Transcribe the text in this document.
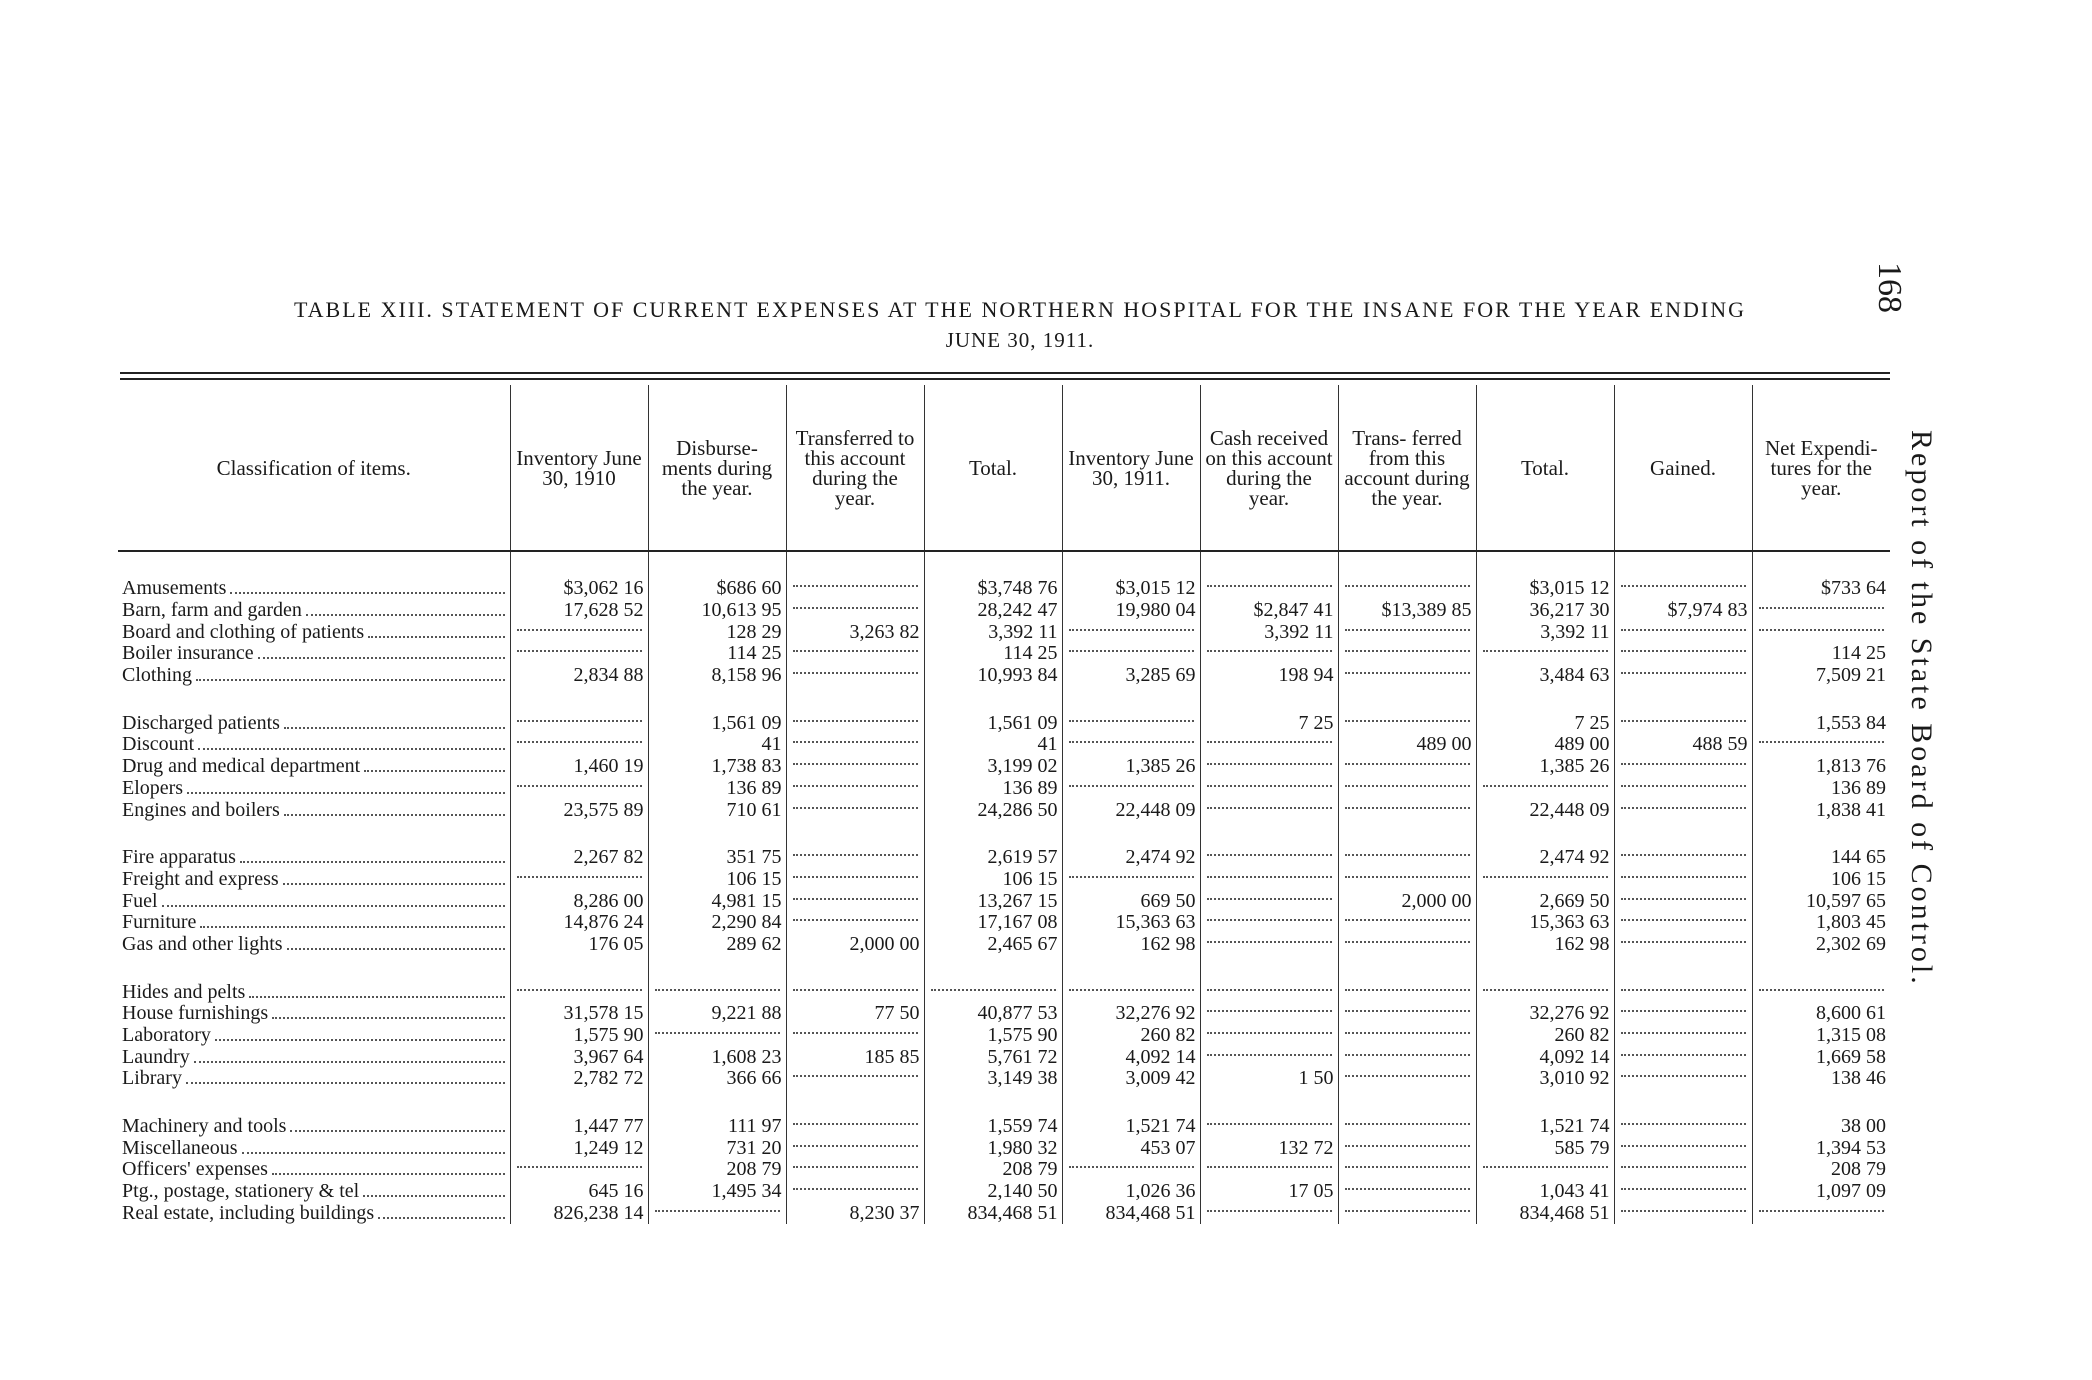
TABLE XIII. STATEMENT OF CURRENT EXPENSES AT THE NORTHERN HOSPITAL FOR THE INSANE FOR THE YEAR ENDING
JUNE 30, 1911.
168
Report of the State Board of Control.
Classification of items.	Inventory June 30, 1910	Disburse- ments during the year.	Transferred to this account during the year.	Total.	Inventory June 30, 1911.	Cash received on this account during the year.	Trans- ferred from this account during the year.	Total.	Gained.	Net Expendi- tures for the year.

Amusements	$3,062 16	$686 60		$3,748 76	$3,015 12			$3,015 12		$733 64

Barn, farm and garden	17,628 52	10,613 95		28,242 47	19,980 04	$2,847 41	$13,389 85	36,217 30	$7,974 83	

Board and clothing of patients		128 29	3,263 82	3,392 11		3,392 11		3,392 11	

Boiler insurance		114 25		114 25						114 25

Clothing	2,834 88	8,158 96		10,993 84	3,285 69	198 94		3,484 63		7,509 21

Discharged patients		1,561 09		1,561 09		7 25		7 25		1,553 84

Discount		41		41			489 00	489 00	488 59	

Drug and medical department	1,460 19	1,738 83		3,199 02	1,385 26			1,385 26		1,813 76

Elopers		136 89		136 89						136 89

Engines and boilers	23,575 89	710 61		24,286 50	22,448 09			22,448 09		1,838 41

Fire apparatus	2,267 82	351 75		2,619 57	2,474 92			2,474 92		144 65

Freight and express		106 15		106 15						106 15

Fuel	8,286 00	4,981 15		13,267 15	669 50		2,000 00	2,669 50		10,597 65

Furniture	14,876 24	2,290 84		17,167 08	15,363 63			15,363 63		1,803 45

Gas and other lights	176 05	289 62	2,000 00	2,465 67	162 98			162 98		2,302 69

Hides and pelts										

House furnishings	31,578 15	9,221 88	77 50	40,877 53	32,276 92			32,276 92		8,600 61

Laboratory	1,575 90			1,575 90	260 82			260 82		1,315 08

Laundry	3,967 64	1,608 23	185 85	5,761 72	4,092 14			4,092 14		1,669 58

Library	2,782 72	366 66		3,149 38	3,009 42	1 50		3,010 92		138 46

Machinery and tools	1,447 77	111 97		1,559 74	1,521 74			1,521 74		38 00

Miscellaneous	1,249 12	731 20		1,980 32	453 07	132 72		585 79		1,394 53

Officers' expenses		208 79		208 79						208 79

Ptg., postage, stationery & tel	645 16	1,495 34		2,140 50	1,026 36	17 05		1,043 41		1,097 09

Real estate, including buildings	826,238 14		8,230 37	834,468 51	834,468 51			834,468 51	
